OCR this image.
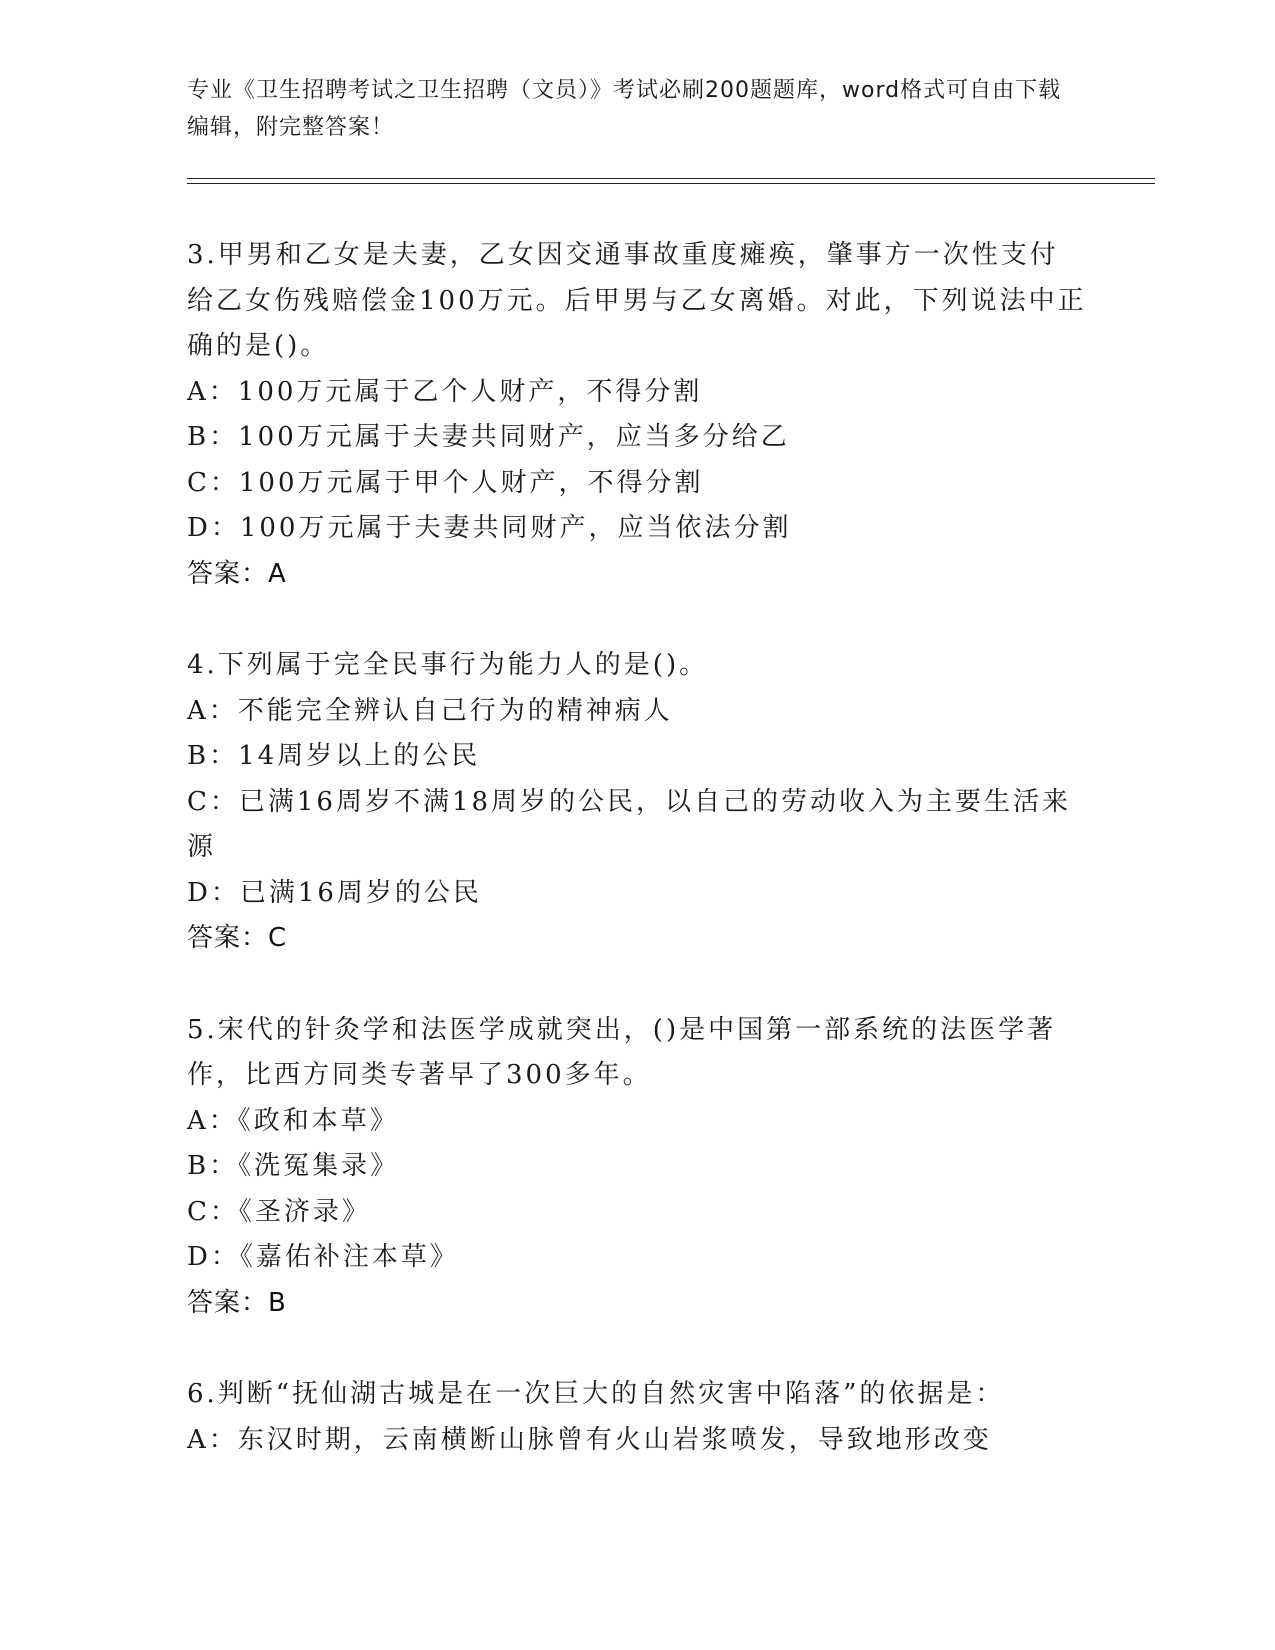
专业《卫生招聘考试之卫生招聘（文员）》考试必刷200题题库，word格式可自由下载编辑，附完整答案！
3.甲男和乙女是夫妻，乙女因交通事故重度瘫痪，肇事方一次性支付给乙女伤残赔偿金100万元。后甲男与乙女离婚。对此，下列说法中正确的是()。
A：100万元属于乙个人财产，不得分割
B：100万元属于夫妻共同财产，应当多分给乙
C：100万元属于甲个人财产，不得分割
D：100万元属于夫妻共同财产，应当依法分割
答案：A
4.下列属于完全民事行为能力人的是()。
A：不能完全辨认自己行为的精神病人
B：14周岁以上的公民
C：已满16周岁不满18周岁的公民，以自己的劳动收入为主要生活来源
D：已满16周岁的公民
答案：C
5.宋代的针灸学和法医学成就突出，()是中国第一部系统的法医学著作，比西方同类专著早了300多年。
A：《政和本草》
B：《洗冤集录》
C：《圣济录》
D：《嘉佑补注本草》
答案：B
6.判断“抚仙湖古城是在一次巨大的自然灾害中陷落”的依据是：
A：东汉时期，云南横断山脉曾有火山岩浆喷发，导致地形改变
